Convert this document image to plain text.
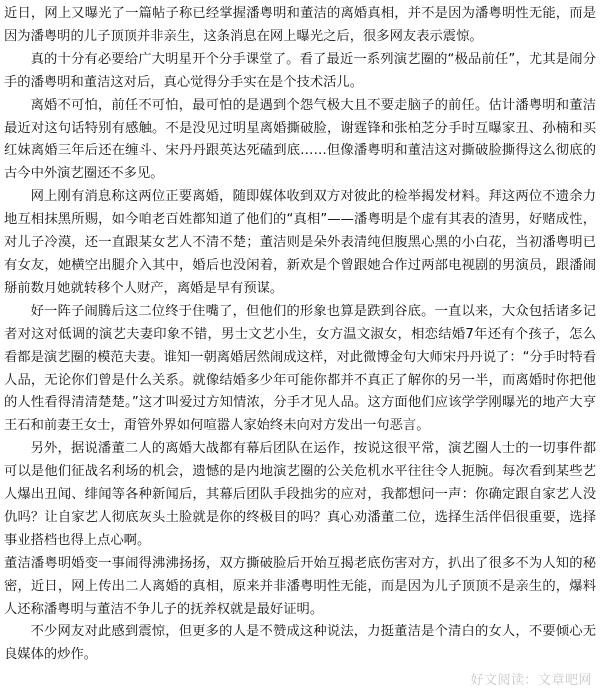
近日，网上又曝光了一篇帖子称已经掌握潘粤明和董洁的离婚真相，并不是因为潘粤明性无能，而是因为潘粤明的儿子顶顶并非亲生，这条消息在网上曝光之后，很多网友表示震惊。

真的十分有必要给广大明星开个分手课堂了。看了最近一系列演艺圈的“极品前任”，尤其是闹分手的潘粤明和董洁这对后，真心觉得分手实在是个技术活儿。

离婚不可怕，前任不可怕，最可怕的是遇到个怨气极大且不要走脑子的前任。估计潘粤明和董洁最近对这句话特别有感触。不是没见过明星离婚撕破脸，谢霆锋和张柏芝分手时互曝家丑、孙楠和买红妹离婚三年后还在缠斗、宋丹丹跟英达死磕到底……但像潘粤明和董洁这对撕破脸撕得这么彻底的古今中外演艺圈还不多见。

网上刚有消息称这两位正要离婚，随即媒体收到双方对彼此的检举揭发材料。拜这两位不遗余力地互相抹黑所赐，如今咱老百姓都知道了他们的“真相”——潘粤明是个虚有其表的渣男，好赌成性，对儿子冷漠，还一直跟某女艺人不清不楚；董洁则是朵外表清纯但腹黑心黑的小白花，当初潘粤明已有女友，她横空出腿介入其中，婚后也没闲着，新欢是个曾跟她合作过两部电视剧的男演员，跟潘闹掰前数月她就转移个人财产，离婚是早有预谋。

好一阵子闹腾后这二位终于住嘴了，但他们的形象也算是跌到谷底。一直以来，大众包括诸多记者对这对低调的演艺夫妻印象不错，男士文艺小生，女方温文淑女，相恋结婚7年还有个孩子，怎么看都是演艺圈的模范夫妻。谁知一朝离婚居然闹成这样，对此微博金句大师宋丹丹说了：“分手时特看人品，无论你们曾是什么关系。就像结婚多少年可能你都并不真正了解你的另一半，而离婚时你把他的人性看得清清楚楚。”这才叫爱过方知情浓，分手才见人品。这方面他们应该学学刚曝光的地产大亨王石和前妻王女士，甭管外界如何喧嚣人家始终未向对方发出一句恶言。

另外，据说潘董二人的离婚大战都有幕后团队在运作，按说这很平常，演艺圈人士的一切事件都可以是他们征战名利场的机会，遗憾的是内地演艺圈的公关危机水平往往令人扼腕。每次看到某些艺人爆出丑闻、绯闻等各种新闻后，其幕后团队手段拙劣的应对，我都想问一声：你确定跟自家艺人没仇吗？让自家艺人彻底灰头土脸就是你的终极目的吗？真心劝潘董二位，选择生活伴侣很重要，选择事业搭档也得上点心啊。

董洁潘粤明婚变一事闹得沸沸扬扬，双方撕破脸后开始互揭老底伤害对方，扒出了很多不为人知的秘密，近日，网上传出二人离婚的真相，原来并非潘粤明性无能，而是因为儿子顶顶不是亲生的，爆料人还称潘粤明与董洁不争儿子的抚养权就是最好证明。

不少网友对此感到震惊，但更多的人是不赞成这种说法，力挺董洁是个清白的女人，不要倾心无良媒体的炒作。

好文阅读：文章吧网
